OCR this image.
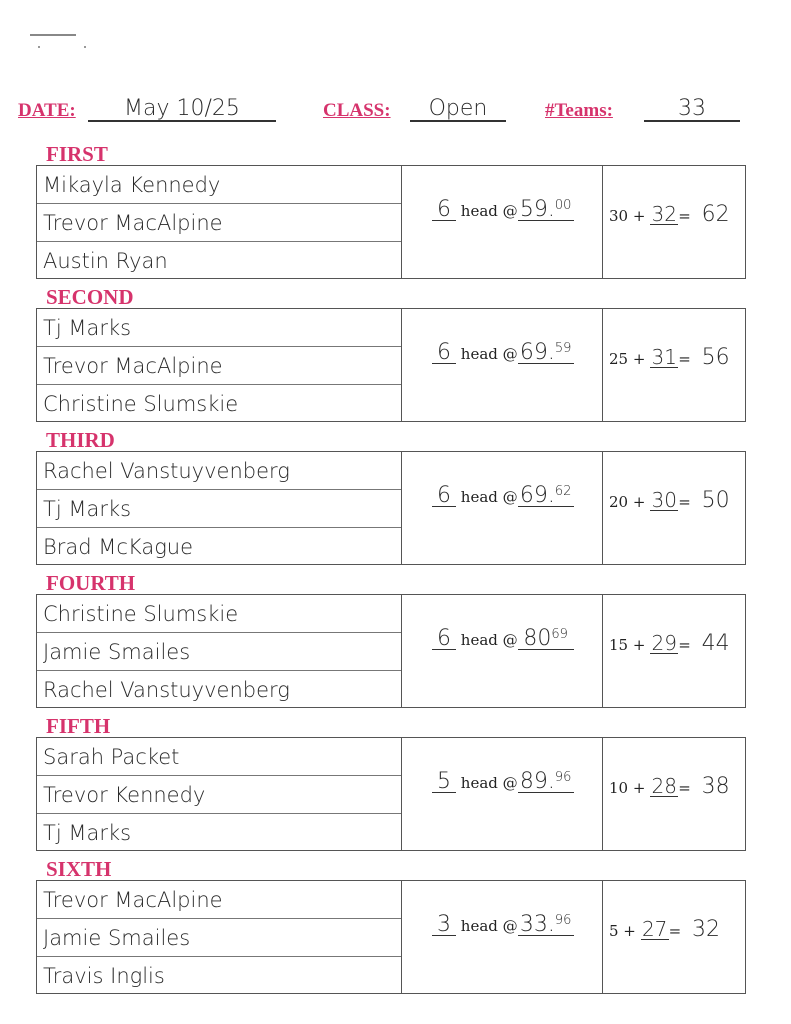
DATE:	May 10/25	CLASS:	Open	#Teams:	33
FIRST
Mikayla Kennedy
Trevor MacAlpine
Austin Ryan
6 head @ 59.00
30 + 32= 62
SECOND
Tj Marks
Trevor MacAlpine
Christine Slumskie
6 head @ 69.59
25 + 31= 56
THIRD
Rachel Vanstuyvenberg
Tj Marks
Brad McKague
6 head @ 69.62
20 + 30= 50
FOURTH
Christine Slumskie
Jamie Smailes
Rachel Vanstuyvenberg
6 head @ $80^{69}$
15 + 29= 44
FIFTH
Sarah Packet
Trevor Kennedy
Tj Marks
5 head @ 89.96
10 + 28= 38
SIXTH
Trevor MacAlpine
Jamie Smailes
Travis Inglis
3 head @ 33.96
5 + 27= 32
